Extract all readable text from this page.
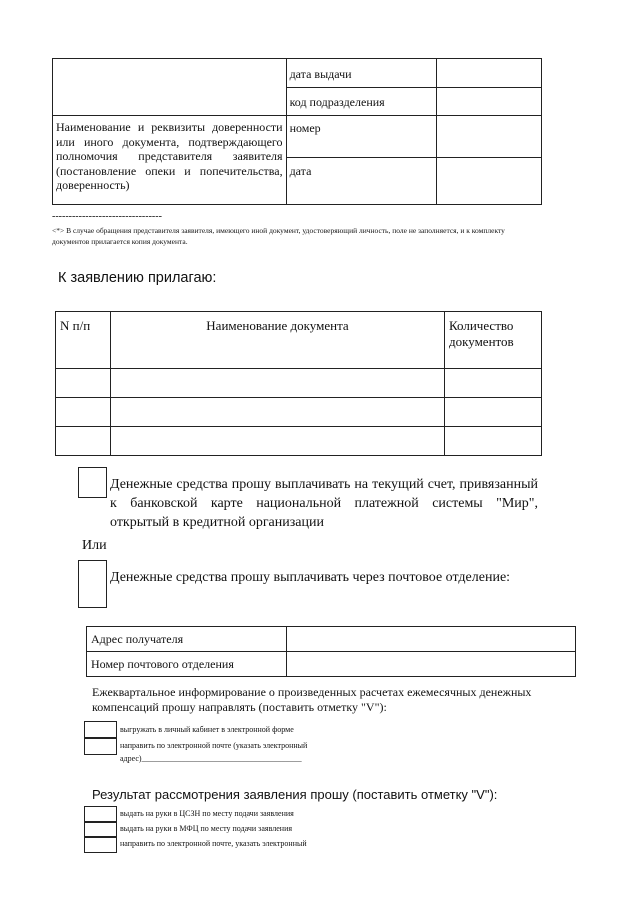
	дата выдачи	
	код подразделения	
Наименование и реквизиты доверенности или иного документа, подтверждающего полномочия представителя заявителя (постановление опеки и попечительства, доверенность)	номер	
	дата	
---------------------------------
<*> В случае обращения представителя заявителя, имеющего иной документ, удостоверяющий личность, поле не заполняется, и к комплекту документов прилагается копия документа.
К заявлению прилагаю:
N п/п	Наименование документа	Количество документов

Денежные средства прошу выплачивать на текущий счет, привязанный к банковской карте национальной платежной системы "Мир", открытый в кредитной организации
Или
Денежные средства прошу выплачивать через почтовое отделение:
Адрес получателя	
Номер почтового отделения	
Ежеквартальное информирование о произведенных расчетах ежемесячных денежных компенсаций прошу направлять (поставить отметку "V"):
выгружать в личный кабинет в электронной форме
направить по электронной почте (указать электронный
адрес)________________________________________
Результат рассмотрения заявления прошу (поставить отметку "V"):
выдать на руки в ЦСЗН по месту подачи заявления
выдать на руки в МФЦ по месту подачи заявления
направить по электронной почте, указать электронный
